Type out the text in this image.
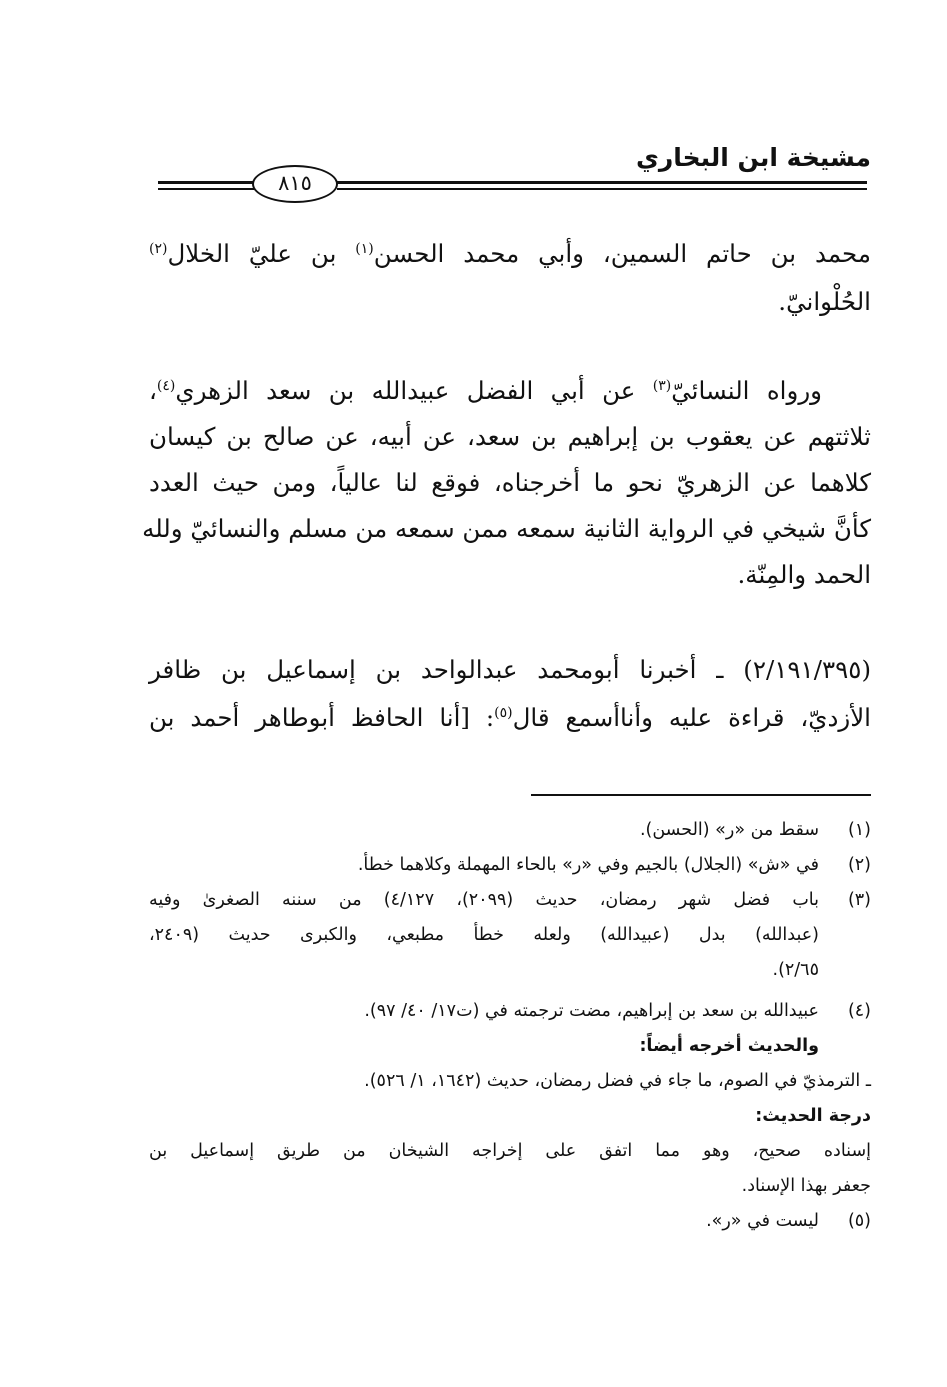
مشيخة ابن البخاري
٨١٥
محمد بن حاتم السمين، وأبي محمد الحسن$^{(١)}$ بن عليّ الخلال$^{(٢)}$
الحُلْوانيّ.
  ورواه النسائيّ$^{(٣)}$ عن أبي الفضل عبيدالله بن سعد الزهري$^{(٤)}$،
ثلاثتهم عن يعقوب بن إبراهيم بن سعد، عن أبيه، عن صالح بن كيسان
كلاهما عن الزهريّ نحو ما أخرجناه، فوقع لنا عالياً، ومن حيث العدد
كأنَّ شيخي في الرواية الثانية سمعه ممن سمعه من مسلم والنسائيّ ولله
الحمد والمِنّة.
(٢/١٩١/٣٩٥) ـ أخبرنا أبومحمد عبدالواحد بن إسماعيل بن ظافر
الأزديّ، قراءة عليه وأناأسمع قال$^{(٥)}$: [أنا الحافظ أبوطاهر أحمد بن
(١)
سقط من «ر» (الحسن).
(٢)
في «ش» (الجلال) بالجيم وفي «ر» بالحاء المهملة وكلاهما خطأ.
(٣)
باب فضل شهر رمضان، حديث (٢٠٩٩)، ٤/١٢٧) من سننه الصغرىٰ وفيه
(عبدالله) بدل (عبيدالله) ولعله خطأ مطبعي، والكبرى حديث (٢٤٠٩،
٢/٦٥).
(٤)
عبيدالله بن سعد بن إبراهيم، مضت ترجمته في (ت١٧/ ٤٠/ ٩٧).
والحديث أخرجه أيضاً:
ـ الترمذيّ في الصوم، ما جاء في فضل رمضان، حديث (١٦٤٢، ١/ ٥٢٦).
درجة الحديث:
إسناده صحيح، وهو مما اتفق على إخراجه الشيخان من طريق إسماعيل بن
جعفر بهذا الإسناد.
(٥)
ليست في «ر».
